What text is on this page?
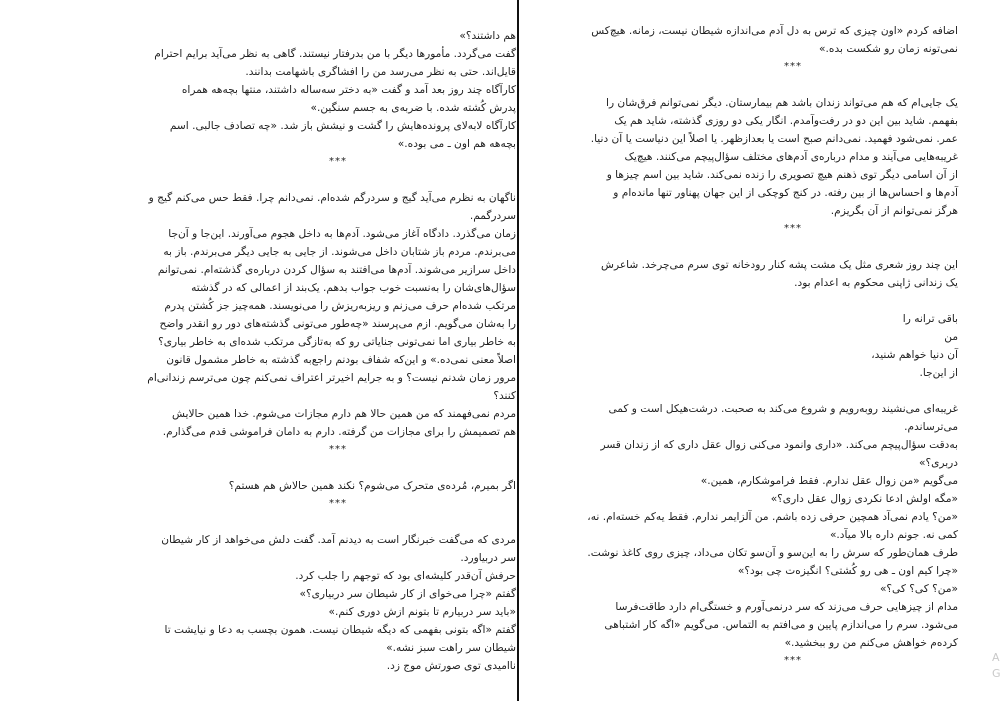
هم داشتند؟»
گفت می‌گردد. مأمورها دیگر با من بدرفتار نیستند. گاهی به نظر می‌آید برایم احترام
قایل‌اند. حتی به نظر می‌رسد من را افشاگری باشهامت بدانند.
کارآگاه چند روز بعد آمد و گفت «به دختر سه‌ساله داشتند، منتها بچه‌هه همراه
پدرش کُشته شده. با ضربه‌ی به جسم سنگین.»
کارآگاه لابه‌لای پرونده‌هایش را گشت و نیشش باز شد. «چه تصادف جالبی. اسم
بچه‌هه هم اون ـ می بوده.»
***
ناگهان به نظرم می‌آید گیج و سردرگم شده‌ام. نمی‌دانم چرا. فقط حس می‌کنم گیج و
سردرگمم.
زمان می‌گذرد. دادگاه آغاز می‌شود. آدم‌ها به داخل هجوم می‌آورند. این‌جا و آن‌جا
می‌برندم. مردم باز شتابان داخل می‌شوند. از جایی به جایی دیگر می‌برندم. باز به
داخل سرازیر می‌شوند. آدم‌ها می‌افتند به سؤال کردن درباره‌ی گذشته‌ام. نمی‌توانم
سؤال‌های‌شان را به‌نسبت خوب جواب بدهم. یک‌بند از اعمالی که در گذشته
مرتکب شده‌ام حرف می‌زنم و ریزبه‌ریزش را می‌نویسند. همه‌چیز جز کُشتن پدرم
را به‌شان می‌گویم. ازم می‌پرسند «چه‌طور می‌تونی گذشته‌های دور رو انقدر واضح
به خاطر بیاری اما نمی‌تونی جنایاتی رو که به‌تازگی مرتکب شده‌ای به خاطر بیاری؟
اصلاً معنی نمی‌ده.» و این‌که شفاف بودنم راجع‌به گذشته به خاطر مشمول قانون
مرور زمان شدنم نیست؟ و به جرایم اخیرتر اعتراف نمی‌کنم چون می‌ترسم زندانی‌ام
کنند؟
مردم نمی‌فهمند که من همین حالا هم دارم مجازات می‌شوم. خدا همین حالایش
هم تصمیمش را برای مجازات من گرفته. دارم به دامان فراموشی قدم می‌گذارم.
***
اگر بمیرم، مُرده‌ی متحرک می‌شوم؟ نکند همین حالاش هم هستم؟
***
مردی که می‌گفت خبرنگار است به دیدنم آمد. گفت دلش می‌خواهد از کار شیطان
سر دربیاورد.
حرفش آن‌قدر کلیشه‌ای بود که توجهم را جلب کرد.
گفتم «چرا می‌خوای از کار شیطان سر دربیاری؟»
«باید سر دربیارم تا بتونم ازش دوری کنم.»
گفتم «اگه بتونی بفهمی که دیگه شیطان نیست. همون بچسب به دعا و نیایشت تا
شیطان سر راهت سبز نشه.»
ناامیدی توی صورتش موج زد.
اضافه کردم «اون چیزی که ترس به دل آدم می‌اندازه شیطان نیست، زمانه. هیچ‌کس
نمی‌تونه زمان رو شکست بده.»
***
یک جایی‌ام که هم می‌تواند زندان باشد هم بیمارستان. دیگر نمی‌توانم فرق‌شان را
بفهمم. شاید بین این دو در رفت‌وآمدم. انگار یکی دو روزی گذشته، شاید هم یک
عمر. نمی‌شود فهمید. نمی‌دانم صبح است یا بعدازظهر. یا اصلاً این دنیاست یا آن دنیا.
غریبه‌هایی می‌آیند و مدام درباره‌ی آدم‌های مختلف سؤال‌پیچم می‌کنند. هیچ‌یک
از آن اسامی دیگر توی ذهنم هیچ تصویری را زنده نمی‌کند. شاید بین اسم چیزها و
آدم‌ها و احساس‌ها از بین رفته. در کنج کوچکی از این جهان پهناور تنها مانده‌ام و
هرگز نمی‌توانم از آن بگریزم.
***
این چند روز شعری مثل یک مشت پشه کنار رودخانه توی سرم می‌چرخد. شاعرش
یک زندانی ژاپنی محکوم به اعدام بود.
باقی ترانه را
من
آن دنیا خواهم شنید،
از این‌جا.
غریبه‌ای می‌نشیند روبه‌رویم و شروع می‌کند به صحبت. درشت‌هیکل است و کمی
می‌ترساندم.
به‌دقت سؤال‌پیچم می‌کند. «داری وانمود می‌کنی زوال عقل داری که از زندان قسر
دربری؟»
می‌گویم «من زوال عقل ندارم. فقط فراموشکارم، همین.»
«مگه اولش ادعا نکردی زوال عقل داری؟»
«من؟ یادم نمی‌آد همچین حرفی زده باشم. من آلزایمر ندارم. فقط یه‌کم خسته‌ام. نه،
کمی نه. جونم داره بالا میآد.»
طرف همان‌طور که سرش را به این‌سو و آن‌سو تکان می‌داد، چیزی روی کاغذ نوشت.
«چرا کیم اون ـ هی رو کُشتی؟ انگیزه‌ت چی بود؟»
«من؟ کی؟ کی؟»
مدام از چیزهایی حرف می‌زند که سر درنمی‌آورم و خستگی‌ام دارد طاقت‌فرسا
می‌شود. سرم را می‌اندازم پایین و می‌افتم به التماس. می‌گویم «اگه کار اشتباهی
کرده‌م خواهش می‌کنم من رو ببخشید.»
***	A
G
